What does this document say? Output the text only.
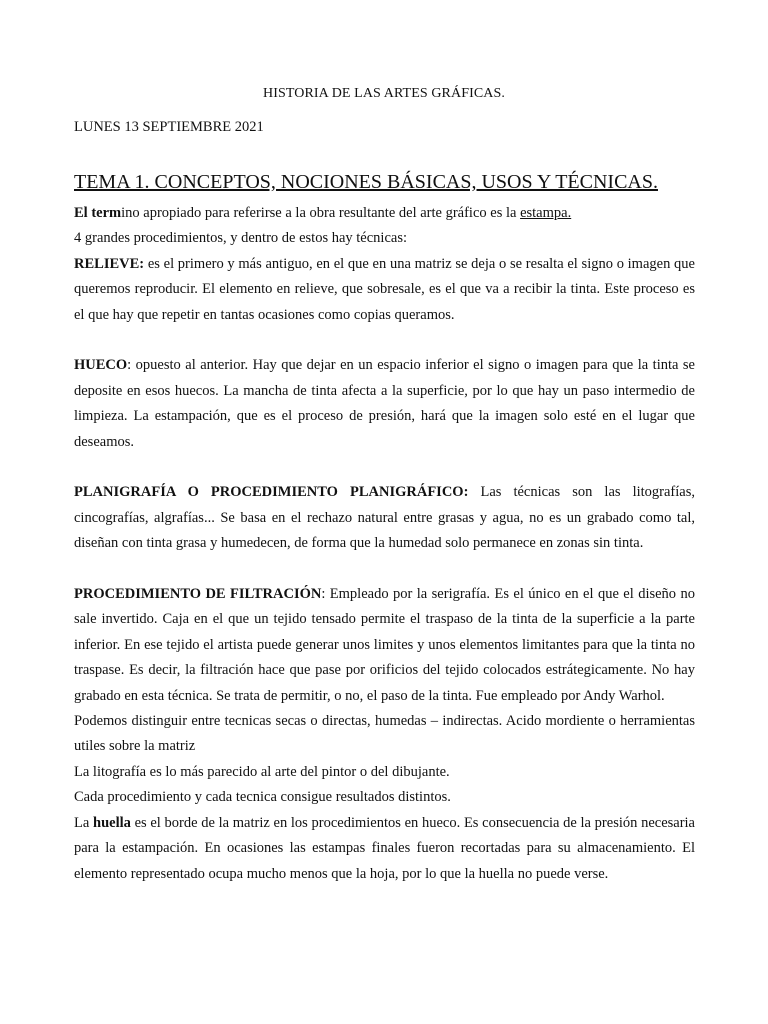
HISTORIA DE LAS ARTES GRÁFICAS.
LUNES 13 SEPTIEMBRE 2021
TEMA 1. CONCEPTOS, NOCIONES BÁSICAS, USOS Y TÉCNICAS.

El termino apropiado para referirse a la obra resultante del arte gráfico es la estampa.

4 grandes procedimientos, y dentro de estos hay técnicas:

RELIEVE: es el primero y más antiguo, en el que en una matriz se deja o se resalta el signo o imagen que queremos reproducir. El elemento en relieve, que sobresale, es el que va a recibir la tinta. Este proceso es el que hay que repetir en tantas ocasiones como copias queramos.

HUECO: opuesto al anterior. Hay que dejar en un espacio inferior el signo o imagen para que la tinta se deposite en esos huecos. La mancha de tinta afecta a la superficie, por lo que hay un paso intermedio de limpieza. La estampación, que es el proceso de presión, hará que la imagen solo esté en el lugar que deseamos.

PLANIGRAFÍA O PROCEDIMIENTO PLANIGRÁFICO: Las técnicas son las litografías, cincografías, algrafías... Se basa en el rechazo natural entre grasas y agua, no es un grabado como tal, diseñan con tinta grasa y humedecen, de forma que la humedad solo permanece en zonas sin tinta.

PROCEDIMIENTO DE FILTRACIÓN: Empleado por la serigrafía. Es el único en el que el diseño no sale invertido. Caja en el que un tejido tensado permite el traspaso de la tinta de la superficie a la parte inferior. En ese tejido el artista puede generar unos limites y unos elementos limitantes para que la tinta no traspase. Es decir, la filtración hace que pase por orificios del tejido colocados estrátegicamente. No hay grabado en esta técnica. Se trata de permitir, o no, el paso de la tinta. Fue empleado por Andy Warhol.

Podemos distinguir entre tecnicas secas o directas, humedas – indirectas. Acido mordiente o herramientas utiles sobre la matriz

La litografía es lo más parecido al arte del pintor o del dibujante.

Cada procedimiento y cada tecnica consigue resultados distintos.

La huella es el borde de la matriz en los procedimientos en hueco. Es consecuencia de la presión necesaria para la estampación. En ocasiones las estampas finales fueron recortadas para su almacenamiento. El elemento representado ocupa mucho menos que la hoja, por lo que la huella no puede verse.
